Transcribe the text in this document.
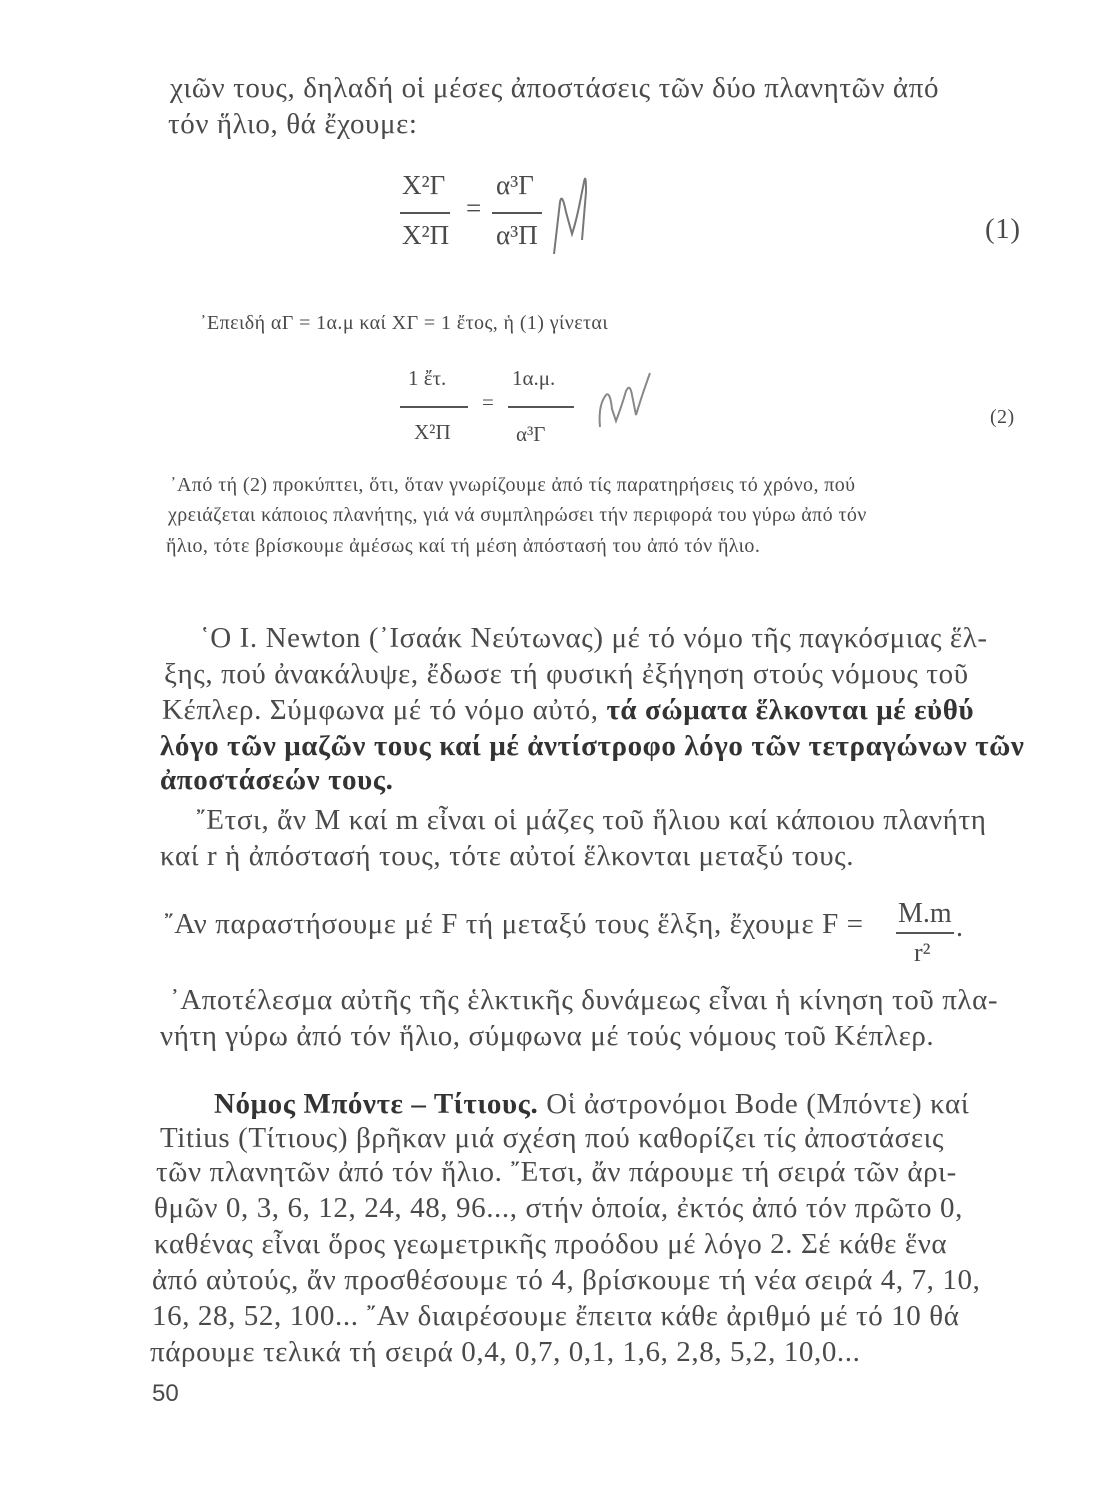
χιῶν τους, δηλαδή οἱ μέσες ἀποστάσεις τῶν δύο πλανητῶν ἀπό
τόν ἥλιο, θά ἔχουμε:
X²Γ
X²Π
=
α³Γ
α³Π	(1)
᾽Επειδή αΓ = 1α.μ καί XΓ = 1 ἔτος, ἡ (1) γίνεται
1 ἔτ.
X²Π
=
1α.μ.
α³Γ
(2)
᾽Από τή (2) προκύπτει, ὅτι, ὅταν γνωρίζουμε ἀπό τίς παρατηρήσεις τό χρόνο, πού
χρειάζεται κάποιος πλανήτης, γιά νά συμπληρώσει τήν περιφορά του γύρω ἀπό τόν
ἥλιο, τότε βρίσκουμε ἀμέσως καί τή μέση ἀπόστασή του ἀπό τόν ἥλιο.
῾Ο Ι. Newton (᾽Ισαάκ Νεύτωνας) μέ τό νόμο τῆς παγκόσμιας ἕλ-
ξης, πού ἀνακάλυψε, ἔδωσε τή φυσική ἐξήγηση στούς νόμους τοῦ
Κέπλερ. Σύμφωνα μέ τό νόμο αὐτό, τά σώματα ἕλκονται μέ εὐθύ
λόγο τῶν μαζῶν τους καί μέ ἀντίστροφο λόγο τῶν τετραγώνων τῶν
ἀποστάσεών τους.
῎Ετσι, ἄν M καί m εἶναι οἱ μάζες τοῦ ἥλιου καί κάποιου πλανήτη
καί r ἡ ἀπόστασή τους, τότε αὐτοί ἕλκονται μεταξύ τους.
῎Αν παραστήσουμε μέ F τή μεταξύ τους ἕλξη, ἔχουμε F = M.m .
r²
᾽Αποτέλεσμα αὐτῆς τῆς ἑλκτικῆς δυνάμεως εἶναι ἡ κίνηση τοῦ πλα-
νήτη γύρω ἀπό τόν ἥλιο, σύμφωνα μέ τούς νόμους τοῦ Κέπλερ.
Νόμος Μπόντε – Τίτιους. Οἱ ἀστρονόμοι Bode (Μπόντε) καί
Titius (Τίτιους) βρῆκαν μιά σχέση πού καθορίζει τίς ἀποστάσεις
τῶν πλανητῶν ἀπό τόν ἥλιο. ῎Ετσι, ἄν πάρουμε τή σειρά τῶν ἀρι-
θμῶν 0, 3, 6, 12, 24, 48, 96..., στήν ὁποία, ἐκτός ἀπό τόν πρῶτο 0,
καθένας εἶναι ὅρος γεωμετρικῆς προόδου μέ λόγο 2. Σέ κάθε ἕνα
ἀπό αὐτούς, ἄν προσθέσουμε τό 4, βρίσκουμε τή νέα σειρά 4, 7, 10,
16, 28, 52, 100... ῎Αν διαιρέσουμε ἔπειτα κάθε ἀριθμό μέ τό 10 θά
πάρουμε τελικά τή σειρά 0,4, 0,7, 0,1, 1,6, 2,8, 5,2, 10,0...
50
